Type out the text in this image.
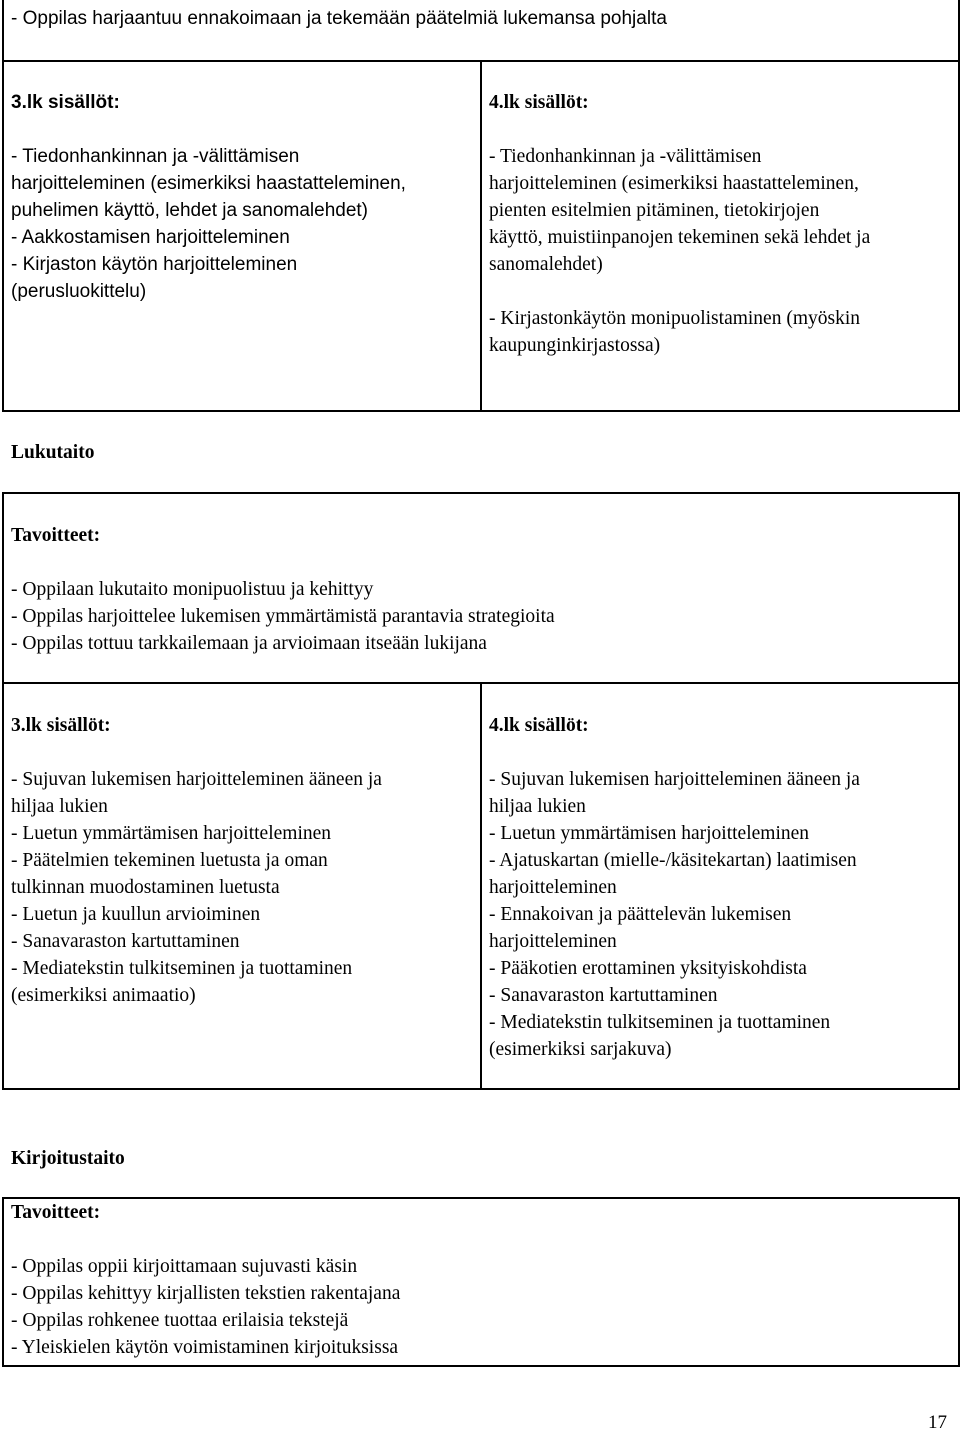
- Oppilas harjaantuu ennakoimaan ja tekemään päätelmiä lukemansa pohjalta
3.lk sisällöt:
- Tiedonhankinnan ja -välittämisen
harjoitteleminen (esimerkiksi haastatteleminen,
puhelimen käyttö, lehdet ja sanomalehdet)
- Aakkostamisen harjoitteleminen
- Kirjaston käytön harjoitteleminen
(perusluokittelu)
4.lk sisällöt:
- Tiedonhankinnan ja -välittämisen
harjoitteleminen (esimerkiksi haastatteleminen,
pienten esitelmien pitäminen, tietokirjojen
käyttö, muistiinpanojen tekeminen sekä lehdet ja
sanomalehdet)
- Kirjastonkäytön monipuolistaminen (myöskin
kaupunginkirjastossa)
Lukutaito
Tavoitteet:
- Oppilaan lukutaito monipuolistuu ja kehittyy
- Oppilas harjoittelee lukemisen ymmärtämistä parantavia strategioita
- Oppilas tottuu tarkkailemaan ja arvioimaan itseään lukijana
3.lk sisällöt:
- Sujuvan lukemisen harjoitteleminen ääneen ja
hiljaa lukien
- Luetun ymmärtämisen harjoitteleminen
- Päätelmien tekeminen luetusta ja oman
tulkinnan muodostaminen luetusta
- Luetun ja kuullun arvioiminen
- Sanavaraston kartuttaminen
- Mediatekstin tulkitseminen ja tuottaminen
(esimerkiksi animaatio)
4.lk sisällöt:
- Sujuvan lukemisen harjoitteleminen ääneen ja
hiljaa lukien
- Luetun ymmärtämisen harjoitteleminen
- Ajatuskartan (mielle-/käsitekartan) laatimisen
harjoitteleminen
- Ennakoivan ja päättelevän lukemisen
harjoitteleminen
- Pääkotien erottaminen yksityiskohdista
- Sanavaraston kartuttaminen
- Mediatekstin tulkitseminen ja tuottaminen
(esimerkiksi sarjakuva)
Kirjoitustaito
Tavoitteet:
- Oppilas oppii kirjoittamaan sujuvasti käsin
- Oppilas kehittyy kirjallisten tekstien rakentajana
- Oppilas rohkenee tuottaa erilaisia tekstejä
- Yleiskielen käytön voimistaminen kirjoituksissa
17
